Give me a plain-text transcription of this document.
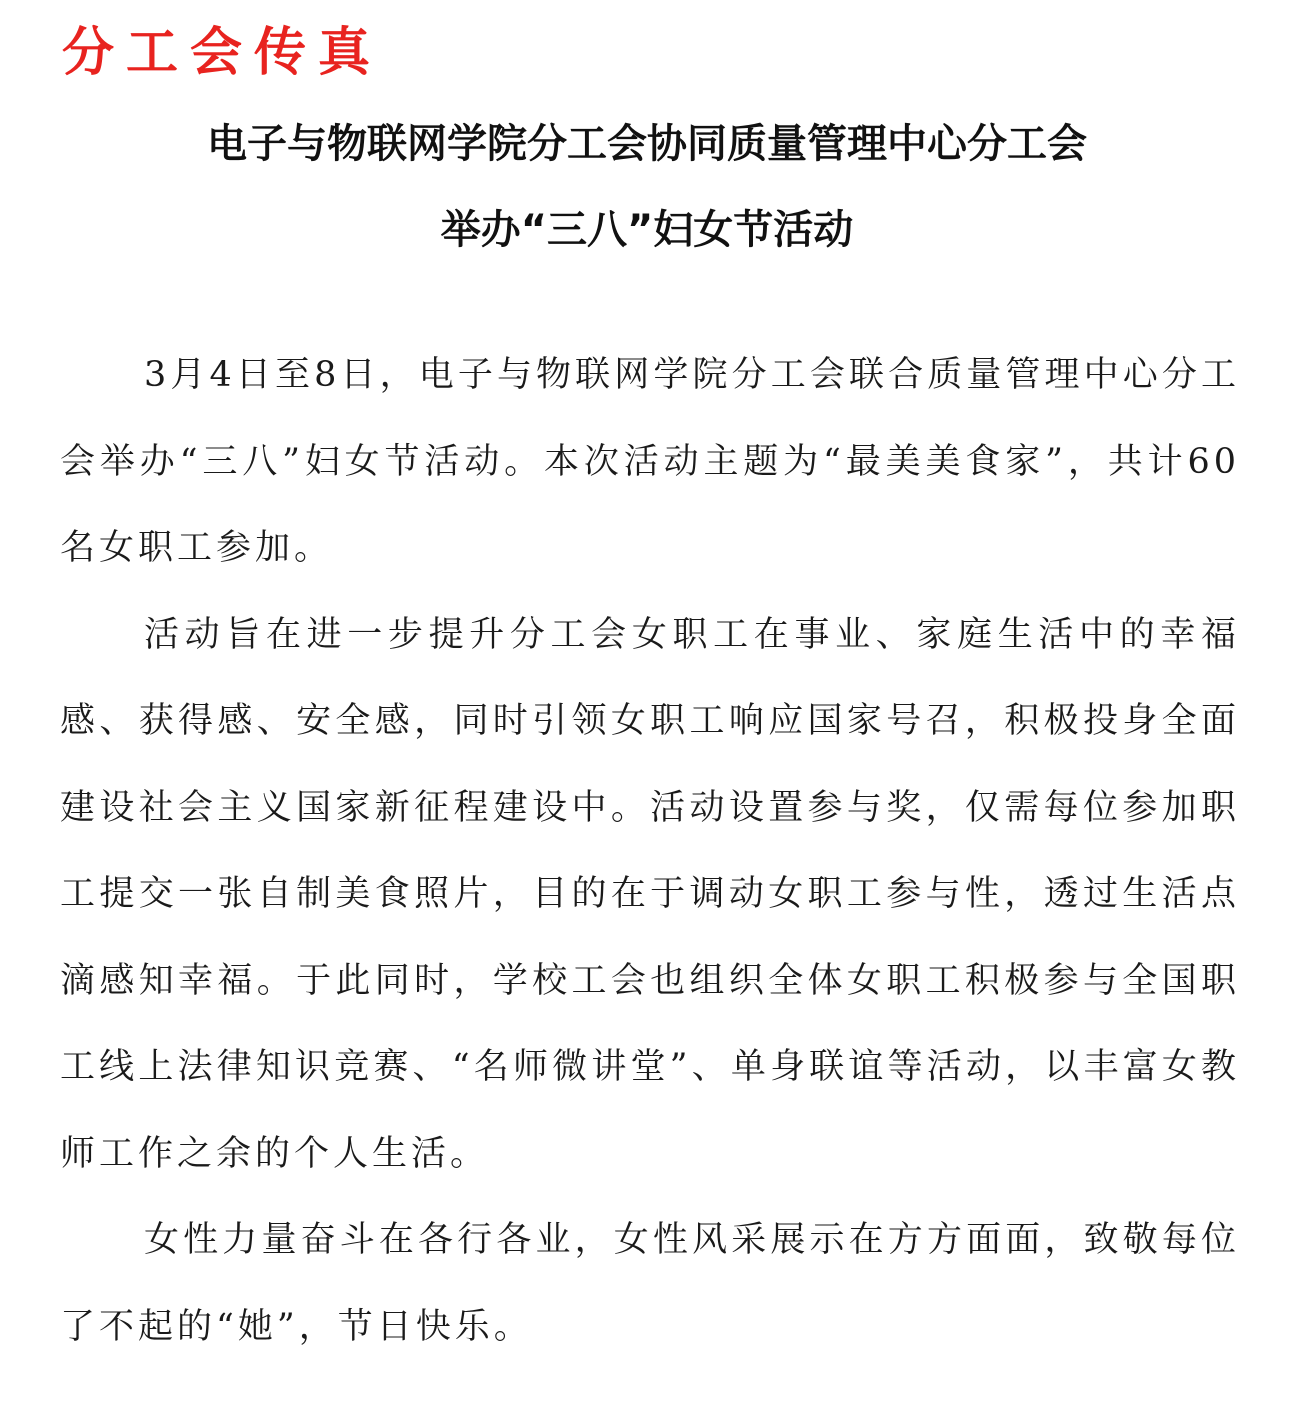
分工会传真
电子与物联网学院分工会协同质量管理中心分工会
举办“三八”妇女节活动

3月4日至8日，电子与物联网学院分工会联合质量管理中心分工会举办“三八”妇女节活动。本次活动主题为“最美美食家”，共计60名女职工参加。

活动旨在进一步提升分工会女职工在事业、家庭生活中的幸福感、获得感、安全感，同时引领女职工响应国家号召，积极投身全面建设社会主义国家新征程建设中。活动设置参与奖，仅需每位参加职工提交一张自制美食照片，目的在于调动女职工参与性，透过生活点滴感知幸福。于此同时，学校工会也组织全体女职工积极参与全国职工线上法律知识竞赛、“名师微讲堂”、单身联谊等活动，以丰富女教师工作之余的个人生活。

女性力量奋斗在各行各业，女性风采展示在方方面面，致敬每位了不起的“她”，节日快乐。
